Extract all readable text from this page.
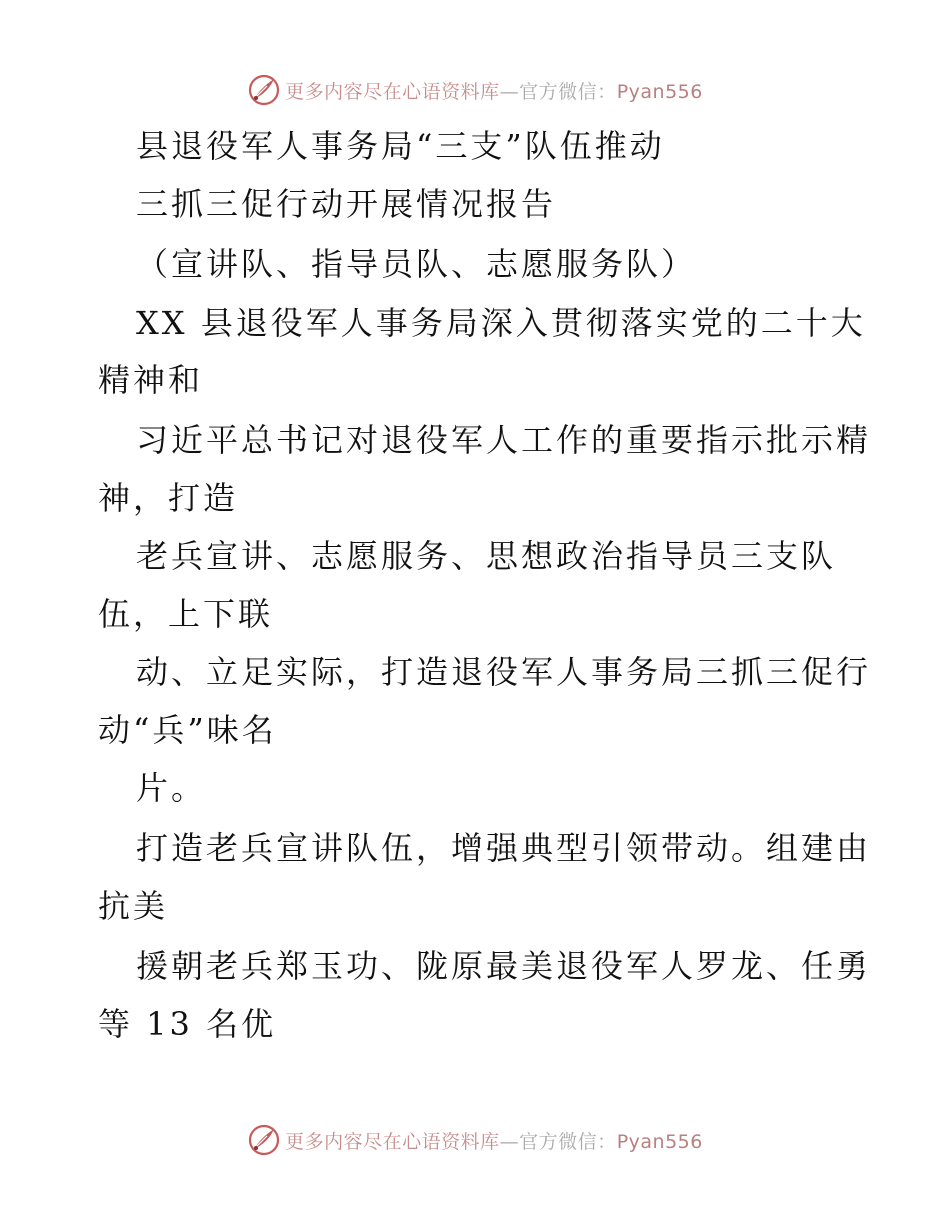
更多内容尽在心语资料库—官方微信：Pyan556
县退役军人事务局“三支”队伍推动
三抓三促行动开展情况报告
（宣讲队、指导员队、志愿服务队）
XX 县退役军人事务局深入贯彻落实党的二十大
精神和
习近平总书记对退役军人工作的重要指示批示精
神，打造
老兵宣讲、志愿服务、思想政治指导员三支队
伍，上下联
动、立足实际，打造退役军人事务局三抓三促行
动“兵”味名
片。
打造老兵宣讲队伍，增强典型引领带动。组建由
抗美
援朝老兵郑玉功、陇原最美退役军人罗龙、任勇
等 13 名优
更多内容尽在心语资料库—官方微信：Pyan556
